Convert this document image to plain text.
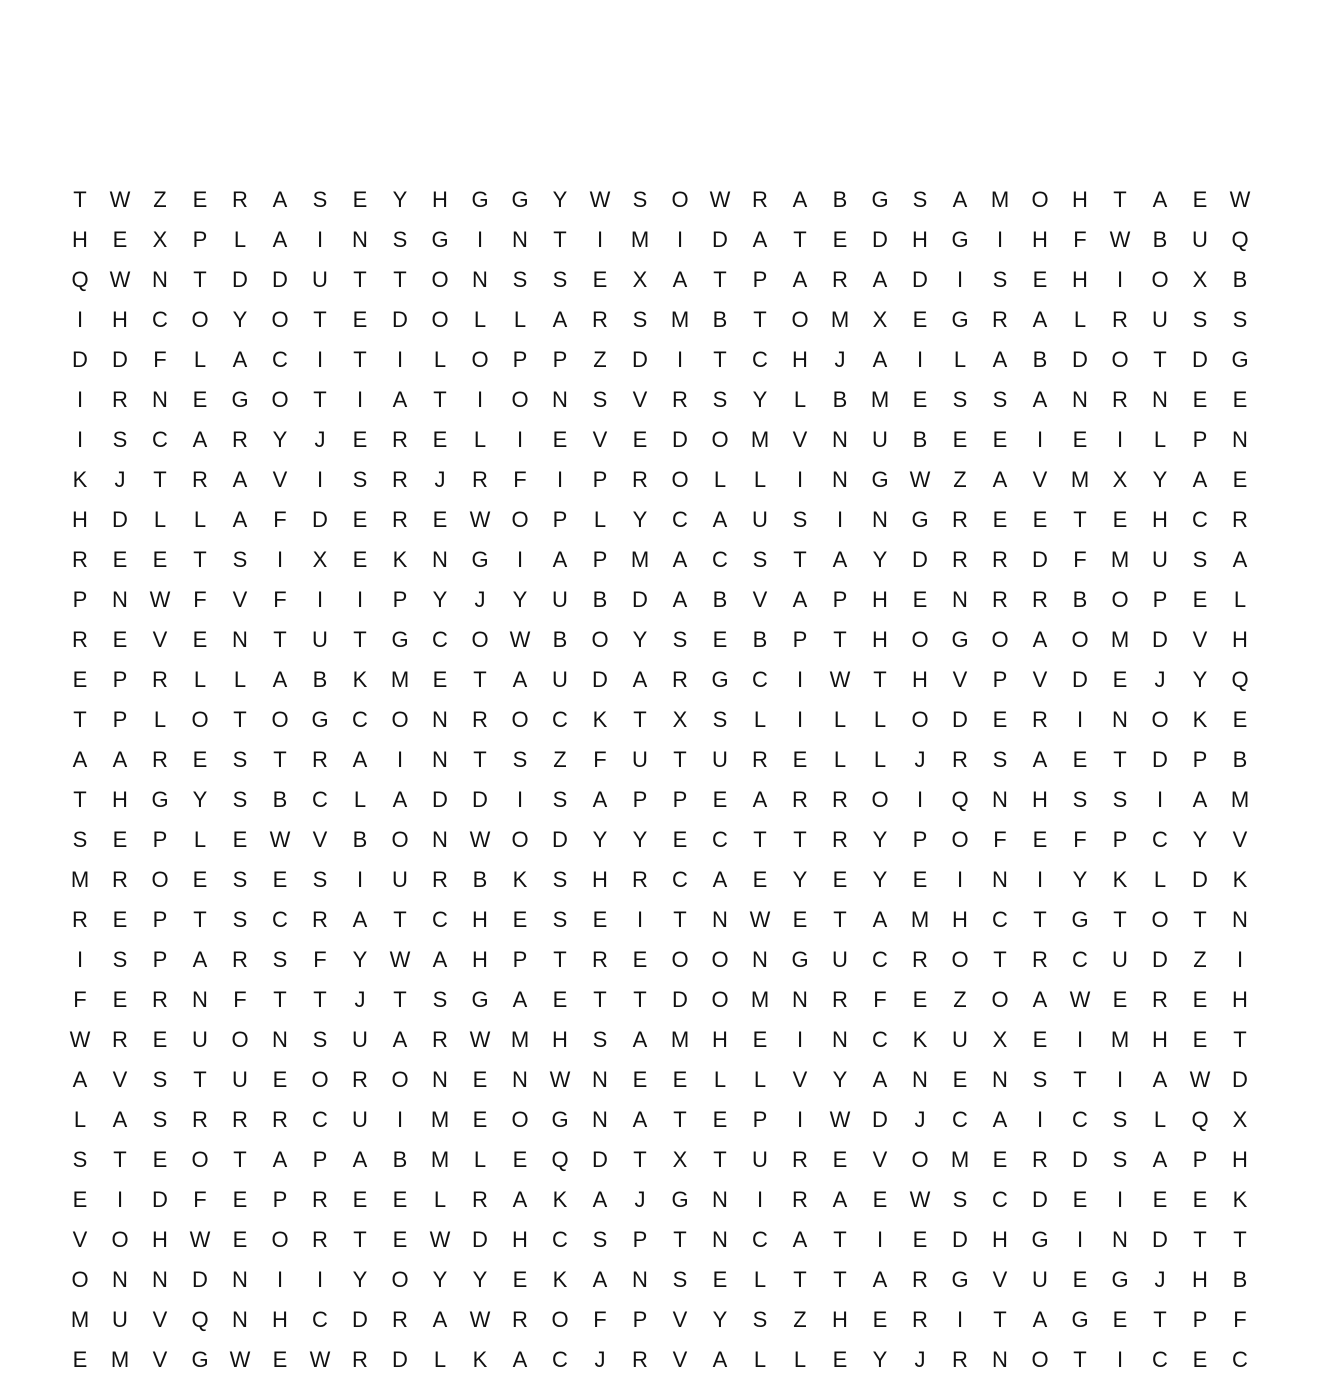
T	W	Z	E	R	A	S	E	Y	H	G	G	Y	W	S	O W R	A	B	G	S	A	M	O	H	T	A	E	W
H	E	X	P	L	A	I	N	S	G	I	N	T	I	M	I	D	A	T	E	D	H	G	I	H	F	W	B	U	Q
Q W N	T	D	D	U	T	T	O	N	S	S	E	X	A	T	P	A	R	A	D	I	S	E	H	I	O	X	B
I	H	C	O	Y	O	T	E	D	O	L	L	A	R	S	M	B	T	O	M	X	E	G	R	A	L	R	U	S	S
D	D	F	L	A	C	I	T	I	L	O	P	P	Z	D	I	T	C	H	J	A	I	L	A	B	D	O	T	D	G
I	R	N	E	G	O	T	I	A	T	I	O	N	S	V	R	S	Y	L	B	M	E	S	S	A	N	R	N	E	E
I	S	C	A	R	Y	J	E	R	E	L	I	E	V	E	D	O	M	V	N	U	B	E	E	I	E	I	L	P	N
K	J	T	R	A	V	I	S	R	J	R	F	I	P	R	O	L	L	I	N	G W	Z	A	V	M	X	Y	A	E
H	D	L	L	A	F	D	E	R	E	W O	P	L	Y	C	A	U	S	I	N	G	R	E	E	T	E	H	C	R
R	E	E	T	S	I	X	E	K	N	G	I	A	P	M	A	C	S	T	A	Y	D	R	R	D	F	M	U	S	A
P	N W	F	V	F	I	I	P	Y	J	Y	U	B	D	A	B	V	A	P	H	E	N	R	R	B	O	P	E	L
R	E	V	E	N	T	U	T	G	C	O W	B	O	Y	S	E	B	P	T	H	O	G	O	A	O	M	D	V	H
E	P	R	L	L	A	B	K	M	E	T	A	U	D	A	R	G	C	I	W	T	H	V	P	V	D	E	J	Y	Q
T	P	L	O	T	O	G	C	O	N	R	O	C	K	T	X	S	L	I	L	L	O	D	E	R	I	N	O	K	E
A	A	R	E	S	T	R	A	I	N	T	S	Z	F	U	T	U	R	E	L	L	J	R	S	A	E	T	D	P	B
T	H	G	Y	S	B	C	L	A	D	D	I	S	A	P	P	E	A	R	R	O	I	Q	N	H	S	S	I	A	M
S	E	P	L	E	W	V	B	O	N W O	D	Y	Y	E	C	T	T	R	Y	P	O	F	E	F	P	C	Y	V
M	R	O	E	S	E	S	I	U	R	B	K	S	H	R	C	A	E	Y	E	Y	E	I	N	I	Y	K	L	D	K
R	E	P	T	S	C	R	A	T	C	H	E	S	E	I	T	N W	E	T	A	M	H	C	T	G	T	O	T	N
I	S	P	A	R	S	F	Y	W	A	H	P	T	R	E	O	O	N	G	U	C	R	O	T	R	C	U	D	Z	I
F	E	R	N	F	T	T	J	T	S	G	A	E	T	T	D	O	M	N	R	F	E	Z	O	A	W	E	R	E	H
W R	E	U	O	N	S	U	A	R W M	H	S	A	M	H	E	I	N	C	K	U	X	E	I	M	H	E	T
A	V	S	T	U	E	O	R	O	N	E	N W N	E	E	L	L	V	Y	A	N	E	N	S	T	I	A	W D
L	A	S	R	R	R	C	U	I	M	E	O	G	N	A	T	E	P	I	W D	J	C	A	I	C	S	L	Q	X
S	T	E	O	T	A	P	A	B	M	L	E	Q	D	T	X	T	U	R	E	V	O	M	E	R	D	S	A	P	H
E	I	D	F	E	P	R	E	E	L	R	A	K	A	J	G	N	I	R	A	E	W	S	C	D	E	I	E	E	K
V	O	H W	E	O	R	T	E	W D	H	C	S	P	T	N	C	A	T	I	E	D	H	G	I	N	D	T	T
O	N	N	D	N	I	I	Y	O	Y	Y	E	K	A	N	S	E	L	T	T	A	R	G	V	U	E	G	J	H	B
M	U	V	Q	N	H	C	D	R	A	W R	O	F	P	V	Y	S	Z	H	E	R	I	T	A	G	E	T	P	F
E	M	V	G W	E	W R	D	L	K	A	C	J	R	V	A	L	L	E	Y	J	R	N	O	T	I	C	E	C
